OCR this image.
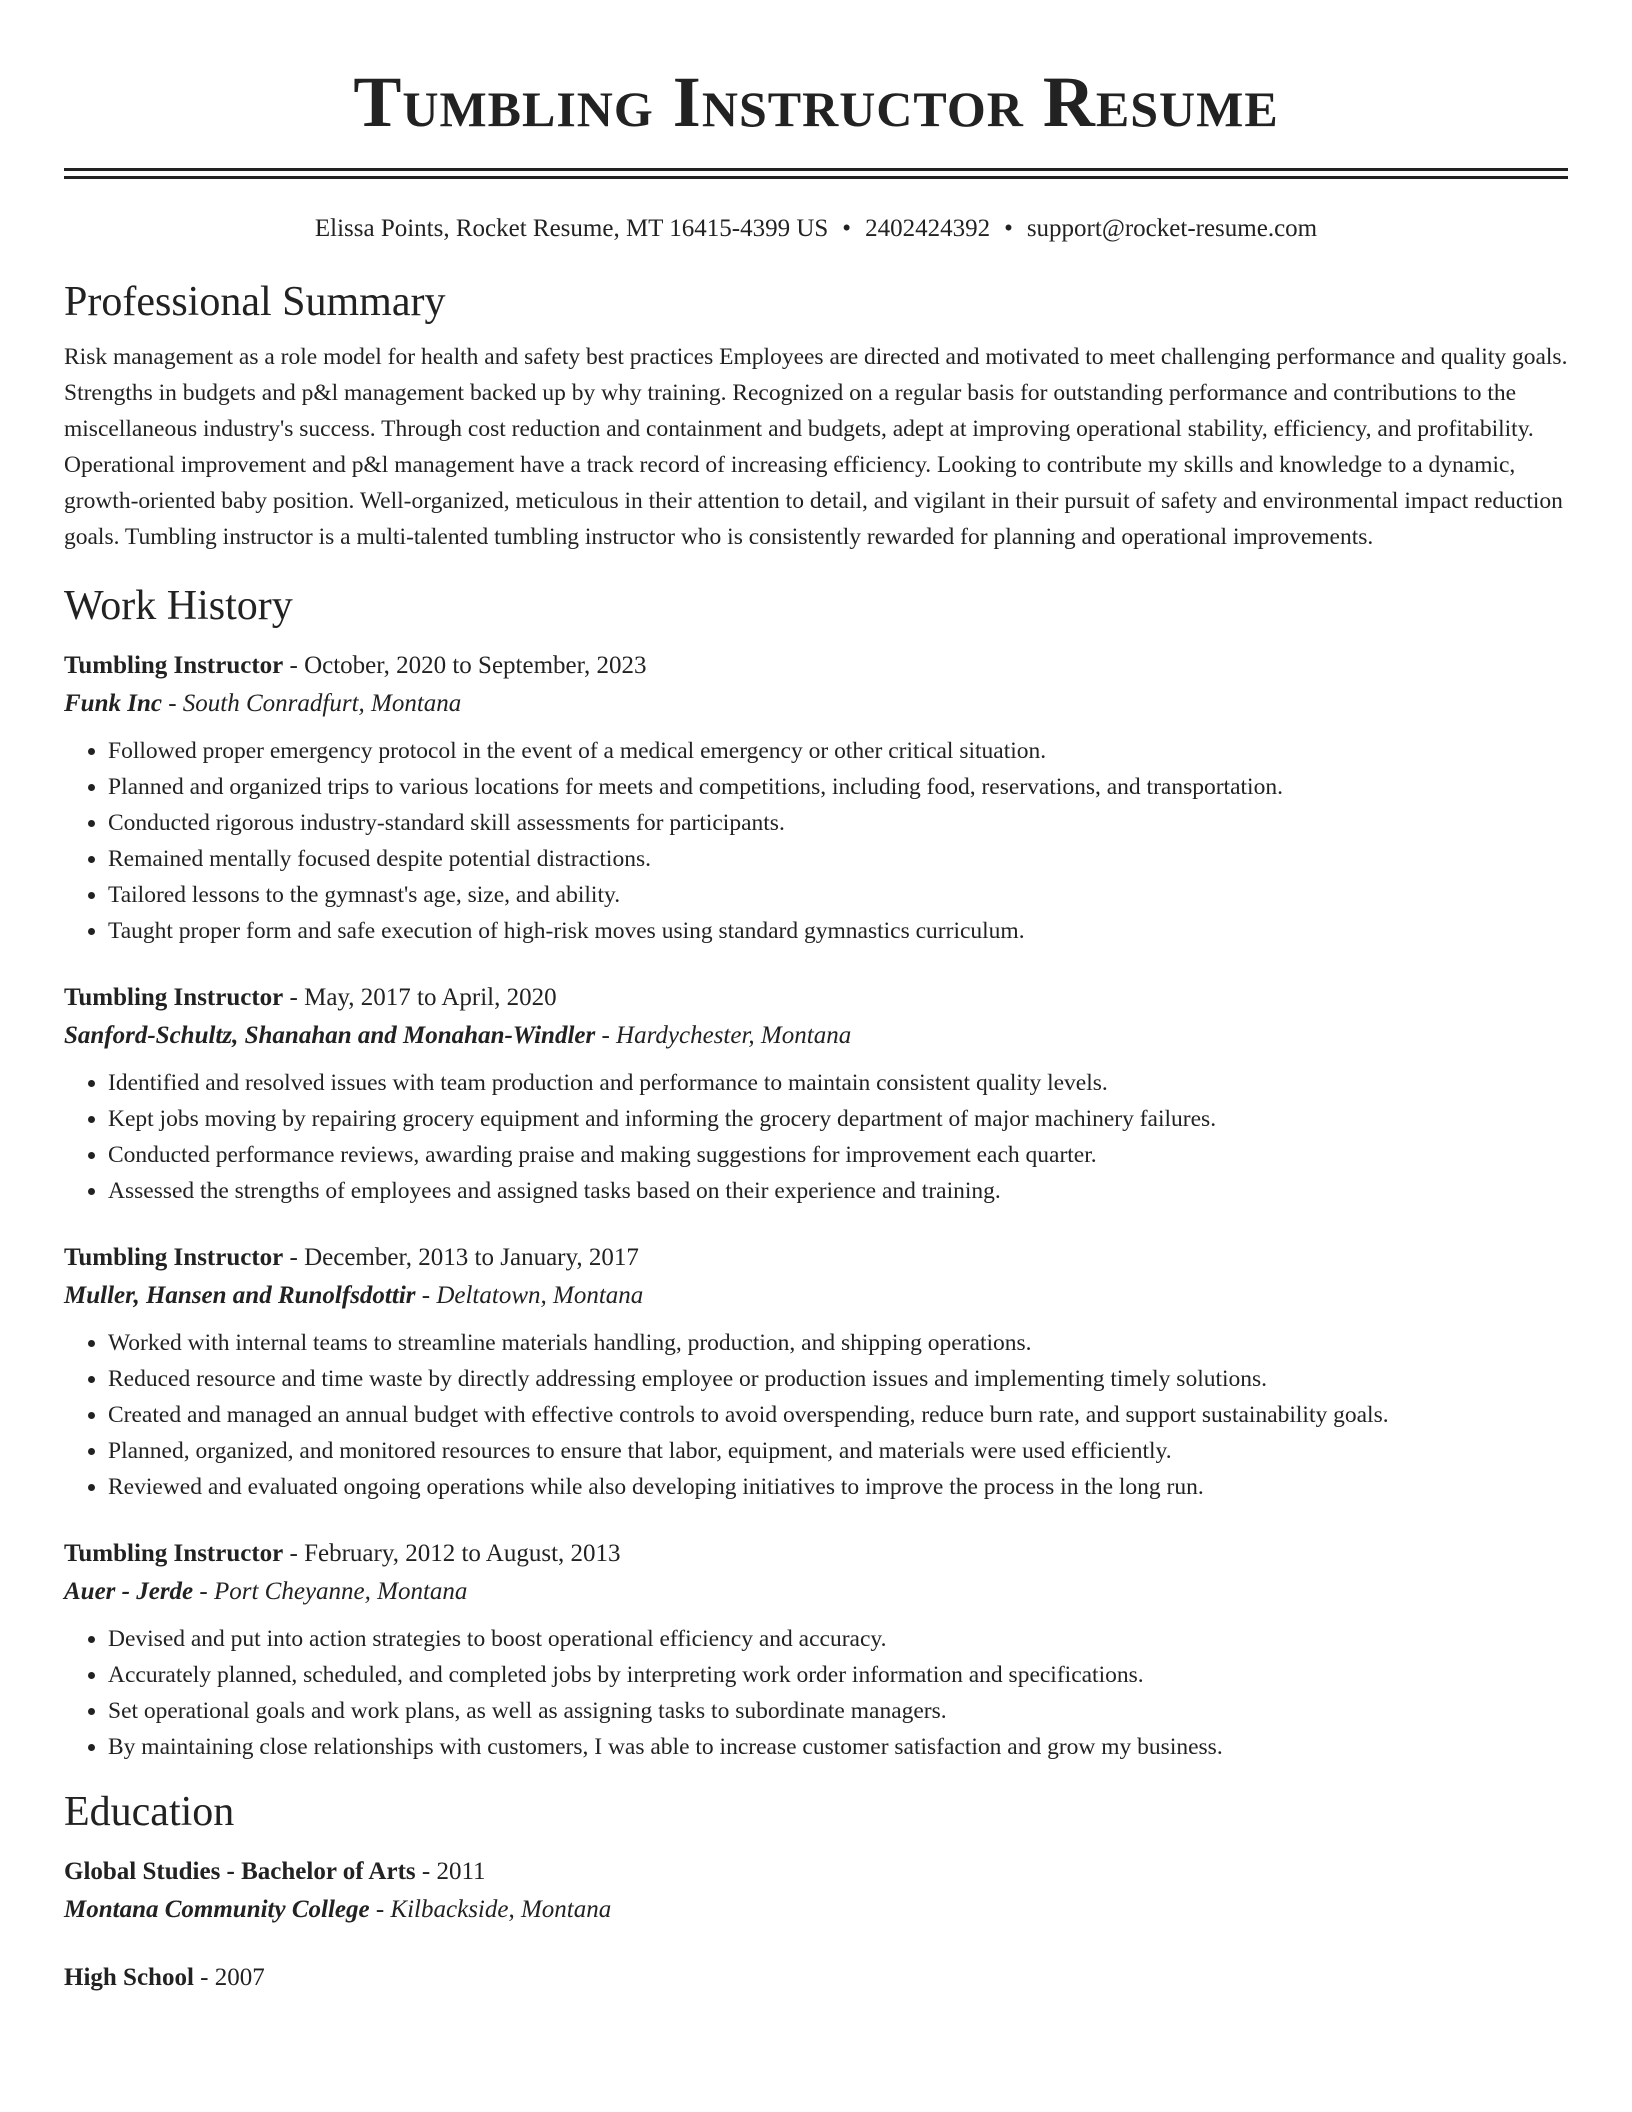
Tumbling Instructor Resume
Elissa Points, Rocket Resume, MT 16415-4399 US • 2402424392 • support@rocket-resume.com
Professional Summary

Risk management as a role model for health and safety best practices Employees are directed and motivated to meet challenging performance and quality goals. Strengths in budgets and p&l management backed up by why training. Recognized on a regular basis for outstanding performance and contributions to the miscellaneous industry's success. Through cost reduction and containment and budgets, adept at improving operational stability, efficiency, and profitability. Operational improvement and p&l management have a track record of increasing efficiency. Looking to contribute my skills and knowledge to a dynamic, growth-oriented baby position. Well-organized, meticulous in their attention to detail, and vigilant in their pursuit of safety and environmental impact reduction goals. Tumbling instructor is a multi-talented tumbling instructor who is consistently rewarded for planning and operational improvements.

Work History
Tumbling Instructor - October, 2020 to September, 2023
Funk Inc - South Conradfurt, Montana
• Followed proper emergency protocol in the event of a medical emergency or other critical situation.
• Planned and organized trips to various locations for meets and competitions, including food, reservations, and transportation.
• Conducted rigorous industry-standard skill assessments for participants.
• Remained mentally focused despite potential distractions.
• Tailored lessons to the gymnast's age, size, and ability.
• Taught proper form and safe execution of high-risk moves using standard gymnastics curriculum.
Tumbling Instructor - May, 2017 to April, 2020
Sanford-Schultz, Shanahan and Monahan-Windler - Hardychester, Montana
• Identified and resolved issues with team production and performance to maintain consistent quality levels.
• Kept jobs moving by repairing grocery equipment and informing the grocery department of major machinery failures.
• Conducted performance reviews, awarding praise and making suggestions for improvement each quarter.
• Assessed the strengths of employees and assigned tasks based on their experience and training.
Tumbling Instructor - December, 2013 to January, 2017
Muller, Hansen and Runolfsdottir - Deltatown, Montana
• Worked with internal teams to streamline materials handling, production, and shipping operations.
• Reduced resource and time waste by directly addressing employee or production issues and implementing timely solutions.
• Created and managed an annual budget with effective controls to avoid overspending, reduce burn rate, and support sustainability goals.
• Planned, organized, and monitored resources to ensure that labor, equipment, and materials were used efficiently.
• Reviewed and evaluated ongoing operations while also developing initiatives to improve the process in the long run.
Tumbling Instructor - February, 2012 to August, 2013
Auer - Jerde - Port Cheyanne, Montana
• Devised and put into action strategies to boost operational efficiency and accuracy.
• Accurately planned, scheduled, and completed jobs by interpreting work order information and specifications.
• Set operational goals and work plans, as well as assigning tasks to subordinate managers.
• By maintaining close relationships with customers, I was able to increase customer satisfaction and grow my business.
Education
Global Studies - Bachelor of Arts - 2011
Montana Community College - Kilbackside, Montana
High School - 2007
